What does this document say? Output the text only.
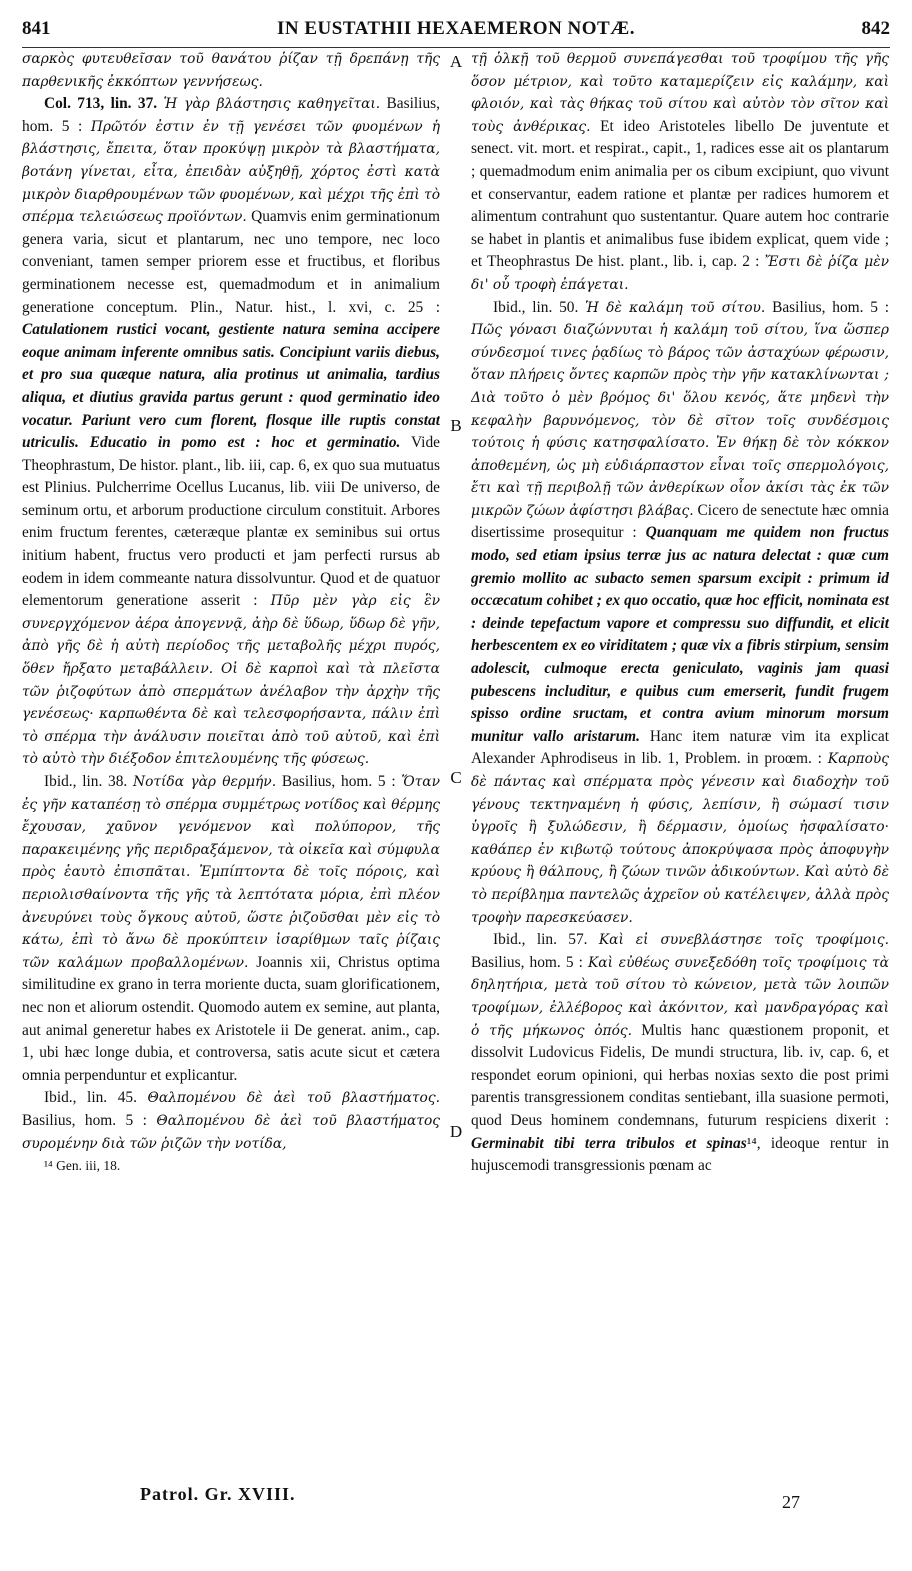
841	IN EUSTATHII HEXAEMERON NOTÆ.	842
A
B
C
D

σαρκὸς φυτευθεῖσαν τοῦ θανάτου ῥίζαν τῇ δρεπάνῃ τῆς παρθενικῆς ἐκκόπτων γεννήσεως.

Col. 713, lin. 37. Ἡ γὰρ βλάστησις καθηγεῖται. Basilius, hom. 5 : Πρῶτόν ἐστιν ἐν τῇ γενέσει τῶν φυομένων ἡ βλάστησις, ἔπειτα, ὅταν προκύψῃ μικρὸν τὰ βλαστήματα, βοτάνη γίνεται, εἶτα, ἐπειδὰν αὐξηθῇ, χόρτος ἐστὶ κατὰ μικρὸν διαρθρουμένων τῶν φυομένων, καὶ μέχρι τῆς ἐπὶ τὸ σπέρμα τελειώσεως προϊόντων. Quamvis enim germinationum genera varia, sicut et plantarum, nec uno tempore, nec loco conveniant, tamen semper priorem esse et fructibus, et floribus germinationem necesse est, quemadmodum et in animalium generatione conceptum. Plin., Natur. hist., l. xvi, c. 25 : Catulationem rustici vocant, gestiente natura semina accipere eoque animam inferente omnibus satis. Concipiunt variis diebus, et pro sua quæque natura, alia protinus ut animalia, tardius aliqua, et diutius gravida partus gerunt : quod germinatio ideo vocatur. Pariunt vero cum florent, flosque ille ruptis constat utriculis. Educatio in pomo est : hoc et germinatio. Vide Theophrastum, De histor. plant., lib. iii, cap. 6, ex quo sua mutuatus est Plinius. Pulcherrime Ocellus Lucanus, lib. viii De universo, de seminum ortu, et arborum productione circulum constituit. Arbores enim fructum ferentes, cæteræque plantæ ex seminibus sui ortus initium habent, fructus vero producti et jam perfecti rursus ab eodem in idem commeante natura dissolvuntur. Quod et de quatuor elementorum generatione asserit : Πῦρ μὲν γὰρ εἰς ἓν συνεργχόμενον ἀέρα ἀπογεννᾷ, ἀὴρ δὲ ὕδωρ, ὕδωρ δὲ γῆν, ἀπὸ γῆς δὲ ἡ αὐτὴ περίοδος τῆς μεταβολῆς μέχρι πυρός, ὅθεν ἤρξατο μεταβάλλειν. Οἱ δὲ καρποὶ καὶ τὰ πλεῖστα τῶν ῥιζοφύτων ἀπὸ σπερμάτων ἀνέλαβον τὴν ἀρχὴν τῆς γενέσεως· καρπωθέντα δὲ καὶ τελεσφορήσαντα, πάλιν ἐπὶ τὸ σπέρμα τὴν ἀνάλυσιν ποιεῖται ἀπὸ τοῦ αὐτοῦ, καὶ ἐπὶ τὸ αὐτὸ τὴν διέξοδον ἐπιτελουμένης τῆς φύσεως.

Ibid., lin. 38. Νοτίδα γὰρ θερμήν. Basilius, hom. 5 : Ὅταν ἐς γῆν καταπέσῃ τὸ σπέρμα συμμέτρως νοτίδος καὶ θέρμης ἔχουσαν, χαῦνον γενόμενον καὶ πολύπορον, τῆς παρακειμένης γῆς περιδραξάμενον, τὰ οἰκεῖα καὶ σύμφυλα πρὸς ἑαυτὸ ἐπισπᾶται. Ἐμπίπτοντα δὲ τοῖς πόροις, καὶ περιολισθαίνοντα τῆς γῆς τὰ λεπτότατα μόρια, ἐπὶ πλέον ἀνευρύνει τοὺς ὄγκους αὐτοῦ, ὥστε ῥιζοῦσθαι μὲν εἰς τὸ κάτω, ἐπὶ τὸ ἄνω δὲ προκύπτειν ἰσαρίθμων ταῖς ῥίζαις τῶν καλάμων προβαλλομένων. Joannis xii, Christus optima similitudine ex grano in terra moriente ducta, suam glorificationem, nec non et aliorum ostendit. Quomodo autem ex semine, aut planta, aut animal generetur habes ex Aristotele ii De generat. anim., cap. 1, ubi hæc longe dubia, et controversa, satis acute sicut et cætera omnia perpenduntur et explicantur.

Ibid., lin. 45. Θαλπομένου δὲ ἀεὶ τοῦ βλαστήματος. Basilius, hom. 5 : Θαλπομένου δὲ ἀεὶ τοῦ βλαστήματος συρομένην διὰ τῶν ῥιζῶν τὴν νοτίδα,

¹⁴ Gen. iii, 18.

τῇ ὁλκῇ τοῦ θερμοῦ συνεπάγεσθαι τοῦ τροφίμου τῆς γῆς ὅσον μέτριον, καὶ τοῦτο καταμερίζειν εἰς καλάμην, καὶ φλοιόν, καὶ τὰς θήκας τοῦ σίτου καὶ αὐτὸν τὸν σῖτον καὶ τοὺς ἀνθέρικας. Et ideo Aristoteles libello De juventute et senect. vit. mort. et respirat., capit., 1, radices esse ait os plantarum ; quemadmodum enim animalia per os cibum excipiunt, quo vivunt et conservantur, eadem ratione et plantæ per radices humorem et alimentum contrahunt quo sustentantur. Quare autem hoc contrarie se habet in plantis et animalibus fuse ibidem explicat, quem vide ; et Theophrastus De hist. plant., lib. i, cap. 2 : Ἔστι δὲ ῥίζα μὲν δι' οὗ τροφὴ ἐπάγεται.

Ibid., lin. 50. Ἡ δὲ καλάμη τοῦ σίτου. Basilius, hom. 5 : Πῶς γόνασι διαζώννυται ἡ καλάμη τοῦ σίτου, ἵνα ὥσπερ σύνδεσμοί τινες ῥᾳδίως τὸ βάρος τῶν ἀσταχύων φέρωσιν, ὅταν πλήρεις ὄντες καρπῶν πρὸς τὴν γῆν κατακλίνωνται ; Διὰ τοῦτο ὁ μὲν βρόμος δι' ὅλου κενός, ἅτε μηδενὶ τὴν κεφαλὴν βαρυνόμενος, τὸν δὲ σῖτον τοῖς συνδέσμοις τούτοις ἡ φύσις κατησφαλίσατο. Ἐν θήκῃ δὲ τὸν κόκκον ἀποθεμένη, ὡς μὴ εὐδιάρπαστον εἶναι τοῖς σπερμολόγοις, ἔτι καὶ τῇ περιβολῇ τῶν ἀνθερίκων οἷον ἀκίσι τὰς ἐκ τῶν μικρῶν ζώων ἀφίστησι βλάβας. Cicero de senectute hæc omnia disertissime prosequitur : Quanquam me quidem non fructus modo, sed etiam ipsius terræ jus ac natura delectat : quæ cum gremio mollito ac subacto semen sparsum excipit : primum id occæcatum cohibet ; ex quo occatio, quæ hoc efficit, nominata est : deinde tepefactum vapore et compressu suo diffundit, et elicit herbescentem ex eo viriditatem ; quæ vix a fibris stirpium, sensim adolescit, culmoque erecta geniculato, vaginis jam quasi pubescens includitur, e quibus cum emerserit, fundit frugem spisso ordine sructam, et contra avium minorum morsum munitur vallo aristarum. Hanc item naturæ vim ita explicat Alexander Aphrodiseus in lib. 1, Problem. in proœm. : Καρποὺς δὲ πάντας καὶ σπέρματα πρὸς γένεσιν καὶ διαδοχὴν τοῦ γένους τεκτηναμένη ἡ φύσις, λεπίσιν, ἢ σώμασί τισιν ὑγροῖς ἢ ξυλώδεσιν, ἢ δέρμασιν, ὁμοίως ἠσφαλίσατο· καθάπερ ἐν κιβωτῷ τούτους ἀποκρύψασα πρὸς ἀποφυγὴν κρύους ἢ θάλπους, ἢ ζώων τινῶν ἀδικούντων. Καὶ αὐτὸ δὲ τὸ περίβλημα παντελῶς ἀχρεῖον οὐ κατέλειψεν, ἀλλὰ πρὸς τροφὴν παρεσκεύασεν.

Ibid., lin. 57. Καὶ εἰ συνεβλάστησε τοῖς τροφίμοις. Basilius, hom. 5 : Καὶ εὐθέως συνεξεδόθη τοῖς τροφίμοις τὰ δηλητήρια, μετὰ τοῦ σίτου τὸ κώνειον, μετὰ τῶν λοιπῶν τροφίμων, ἐλλέβορος καὶ ἀκόνιτον, καὶ μανδραγόρας καὶ ὁ τῆς μήκωνος ὀπός. Multis hanc quæstionem proponit, et dissolvit Ludovicus Fidelis, De mundi structura, lib. iv, cap. 6, et respondet eorum opinioni, qui herbas noxias sexto die post primi parentis transgressionem conditas sentiebant, illa suasione permoti, quod Deus hominem condemnans, futurum respiciens dixerit : Germinabit tibi terra tribulos et spinas¹⁴, ideoque rentur in hujuscemodi transgressionis pœnam ac

Patrol. Gr. XVIII.	27
